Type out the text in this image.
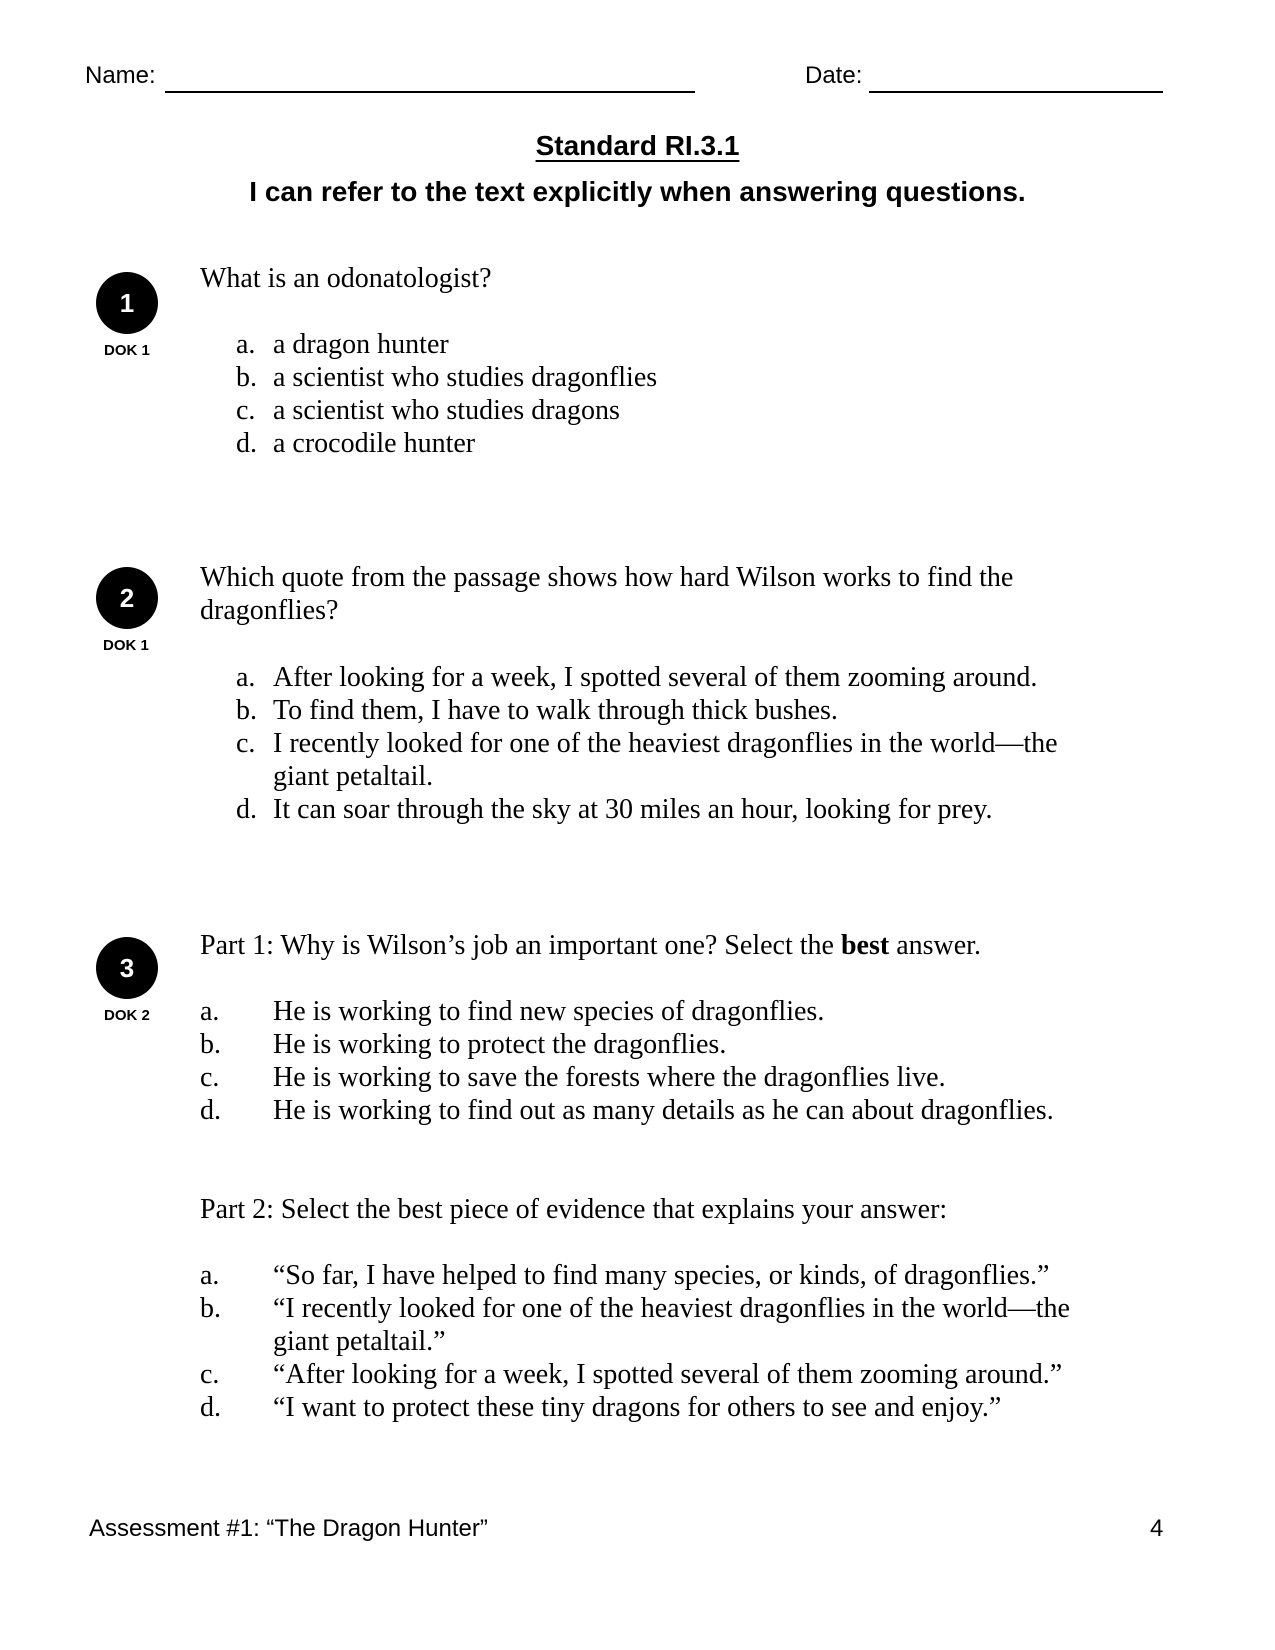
Name:	Date:
Standard RI.3.1
I can refer to the text explicitly when answering questions.
1
DOK 1
What is an odonatologist?
a. a dragon hunter
b. a scientist who studies dragonflies
c. a scientist who studies dragons
d. a crocodile hunter
2
DOK 1
Which quote from the passage shows how hard Wilson works to find the
dragonflies?
a. After looking for a week, I spotted several of them zooming around.
b. To find them, I have to walk through thick bushes.
c. I recently looked for one of the heaviest dragonflies in the world—the
giant petaltail.
d. It can soar through the sky at 30 miles an hour, looking for prey.
3
DOK 2
Part 1: Why is Wilson’s job an important one? Select the best answer.
a. He is working to find new species of dragonflies.
b. He is working to protect the dragonflies.
c. He is working to save the forests where the dragonflies live.
d. He is working to find out as many details as he can about dragonflies.
Part 2: Select the best piece of evidence that explains your answer:
a. “So far, I have helped to find many species, or kinds, of dragonflies.”
b. “I recently looked for one of the heaviest dragonflies in the world—the
giant petaltail.”
c. “After looking for a week, I spotted several of them zooming around.”
d. “I want to protect these tiny dragons for others to see and enjoy.”
Assessment #1: “The Dragon Hunter”	4
